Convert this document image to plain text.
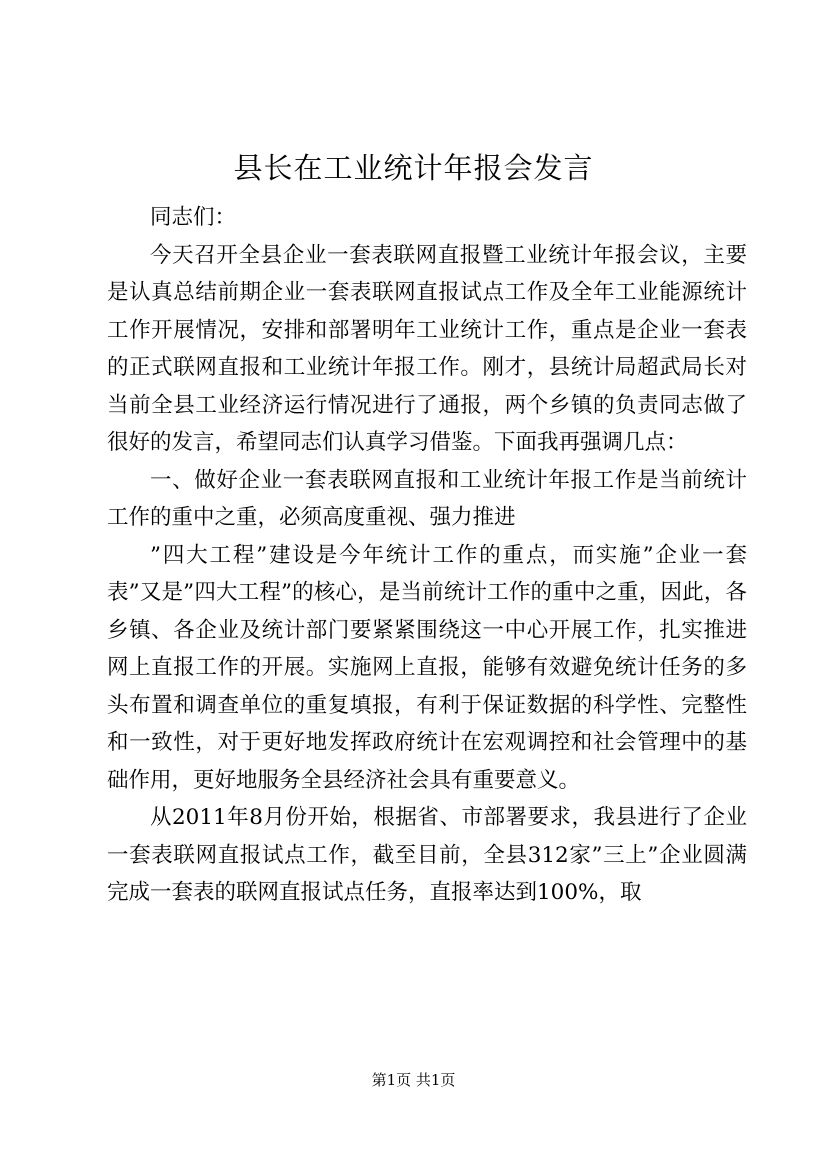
县长在工业统计年报会发言

同志们：

今天召开全县企业一套表联网直报暨工业统计年报会议，主要是认真总结前期企业一套表联网直报试点工作及全年工业能源统计工作开展情况，安排和部署明年工业统计工作，重点是企业一套表的正式联网直报和工业统计年报工作。刚才，县统计局超武局长对当前全县工业经济运行情况进行了通报，两个乡镇的负责同志做了很好的发言，希望同志们认真学习借鉴。下面我再强调几点：

一、做好企业一套表联网直报和工业统计年报工作是当前统计工作的重中之重，必须高度重视、强力推进

”四大工程”建设是今年统计工作的重点，而实施”企业一套表”又是”四大工程”的核心，是当前统计工作的重中之重，因此，各乡镇、各企业及统计部门要紧紧围绕这一中心开展工作，扎实推进网上直报工作的开展。实施网上直报，能够有效避免统计任务的多头布置和调查单位的重复填报，有利于保证数据的科学性、完整性和一致性，对于更好地发挥政府统计在宏观调控和社会管理中的基础作用，更好地服务全县经济社会具有重要意义。

从2011年8月份开始，根据省、市部署要求，我县进行了企业一套表联网直报试点工作，截至目前，全县312家”三上”企业圆满完成一套表的联网直报试点任务，直报率达到100%，取

第1页 共1页
